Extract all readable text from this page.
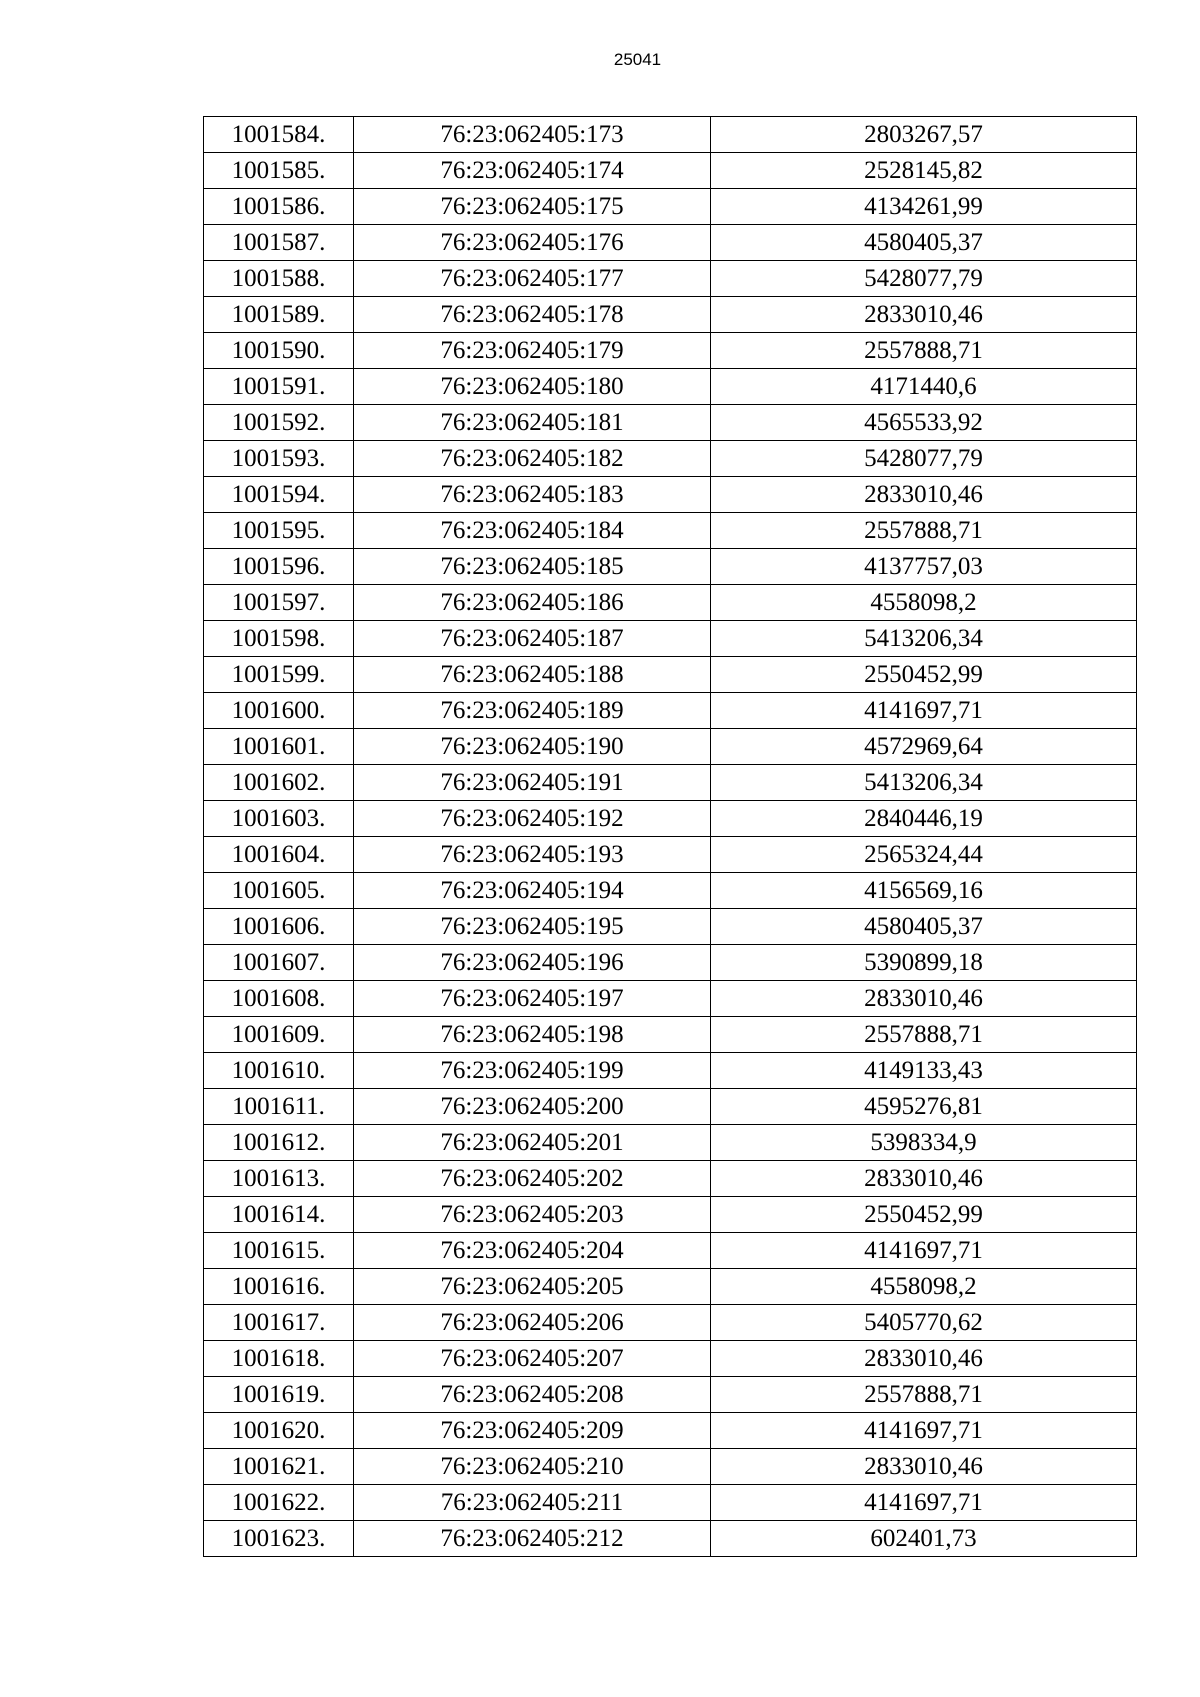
25041
1001584.	76:23:062405:173	2803267,57
1001585.	76:23:062405:174	2528145,82
1001586.	76:23:062405:175	4134261,99
1001587.	76:23:062405:176	4580405,37
1001588.	76:23:062405:177	5428077,79
1001589.	76:23:062405:178	2833010,46
1001590.	76:23:062405:179	2557888,71
1001591.	76:23:062405:180	4171440,6
1001592.	76:23:062405:181	4565533,92
1001593.	76:23:062405:182	5428077,79
1001594.	76:23:062405:183	2833010,46
1001595.	76:23:062405:184	2557888,71
1001596.	76:23:062405:185	4137757,03
1001597.	76:23:062405:186	4558098,2
1001598.	76:23:062405:187	5413206,34
1001599.	76:23:062405:188	2550452,99
1001600.	76:23:062405:189	4141697,71
1001601.	76:23:062405:190	4572969,64
1001602.	76:23:062405:191	5413206,34
1001603.	76:23:062405:192	2840446,19
1001604.	76:23:062405:193	2565324,44
1001605.	76:23:062405:194	4156569,16
1001606.	76:23:062405:195	4580405,37
1001607.	76:23:062405:196	5390899,18
1001608.	76:23:062405:197	2833010,46
1001609.	76:23:062405:198	2557888,71
1001610.	76:23:062405:199	4149133,43
1001611.	76:23:062405:200	4595276,81
1001612.	76:23:062405:201	5398334,9
1001613.	76:23:062405:202	2833010,46
1001614.	76:23:062405:203	2550452,99
1001615.	76:23:062405:204	4141697,71
1001616.	76:23:062405:205	4558098,2
1001617.	76:23:062405:206	5405770,62
1001618.	76:23:062405:207	2833010,46
1001619.	76:23:062405:208	2557888,71
1001620.	76:23:062405:209	4141697,71
1001621.	76:23:062405:210	2833010,46
1001622.	76:23:062405:211	4141697,71
1001623.	76:23:062405:212	602401,73
